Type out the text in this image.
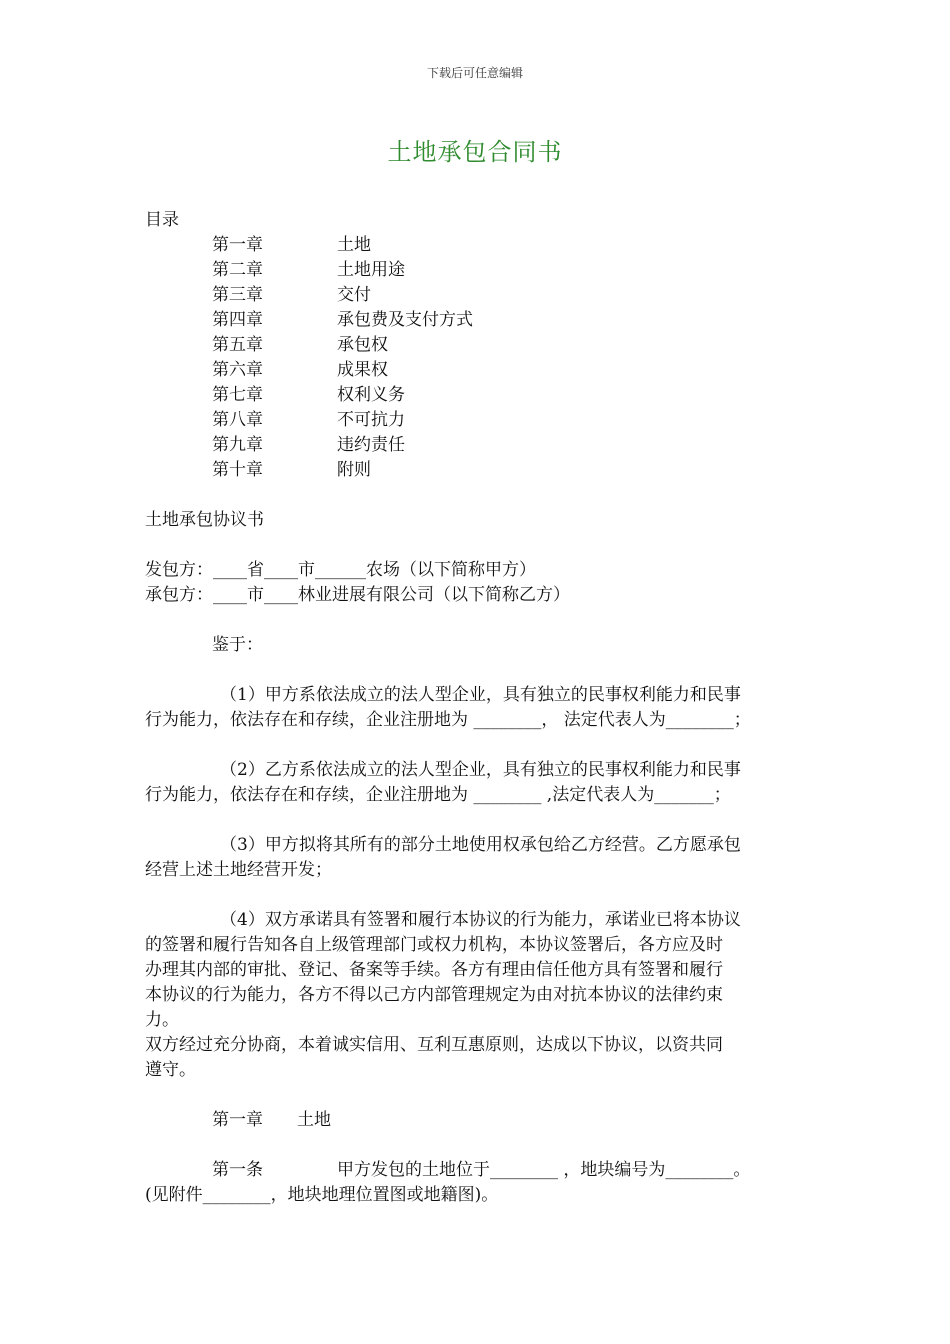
下载后可任意编辑
土地承包合同书

目录

第一章	土地
第二章	土地用途
第三章	交付
第四章	承包费及支付方式
第五章	承包权
第六章	成果权
第七章	权利义务
第八章	不可抗力
第九章	违约责任
第十章	附则

土地承包协议书

发包方：____省____市______农场（以下简称甲方）

承包方：____市____林业进展有限公司（以下简称乙方）

鉴于：

（1）甲方系依法成立的法人型企业，具有独立的民事权利能力和民事

行为能力，依法存在和存续，企业注册地为 ________， 法定代表人为________；

（2）乙方系依法成立的法人型企业，具有独立的民事权利能力和民事

行为能力，依法存在和存续，企业注册地为 ________ ,法定代表人为_______；

（3）甲方拟将其所有的部分土地使用权承包给乙方经营。乙方愿承包

经营上述土地经营开发；

（4）双方承诺具有签署和履行本协议的行为能力，承诺业已将本协议

的签署和履行告知各自上级管理部门或权力机构，本协议签署后，各方应及时

办理其内部的审批、登记、备案等手续。各方有理由信任他方具有签署和履行

本协议的行为能力，各方不得以己方内部管理规定为由对抗本协议的法律约束

力。

双方经过充分协商，本着诚实信用、互利互惠原则，达成以下协议，以资共同

遵守。

第一章　　土地

第一条	甲方发包的土地位于________ ，地块编号为________。

(见附件________，地块地理位置图或地籍图)。
